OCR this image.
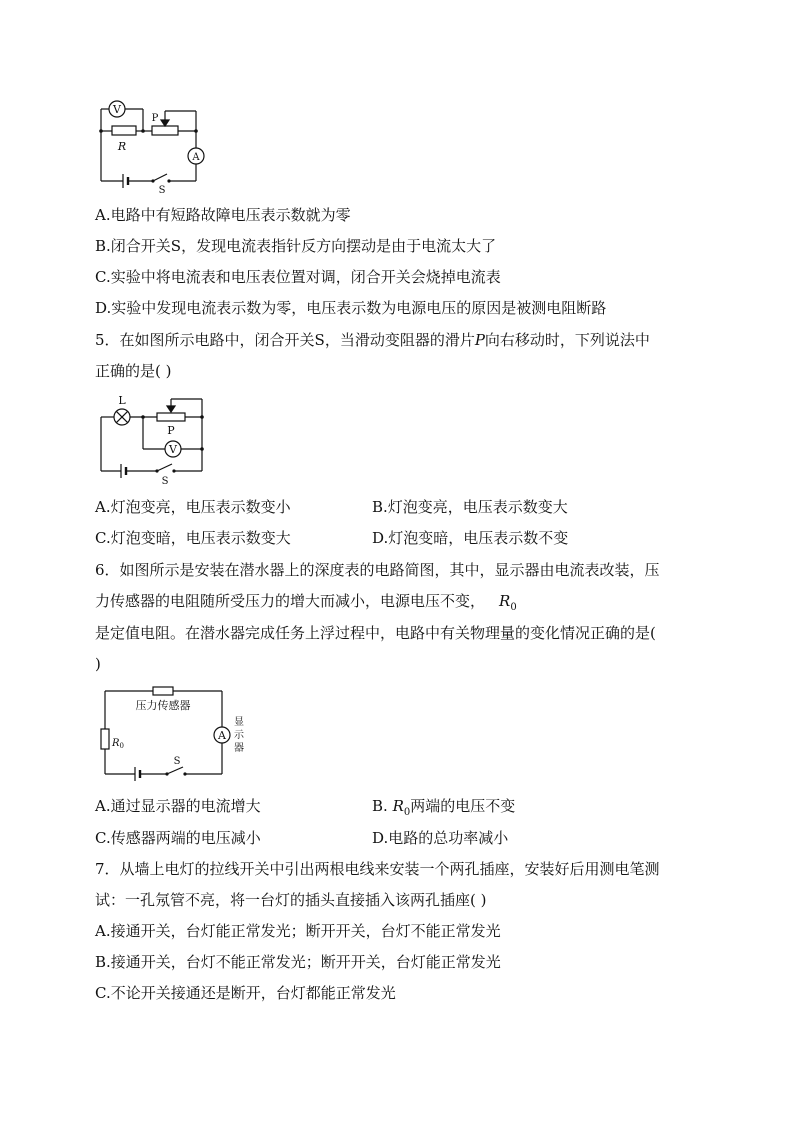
V
P
R
A
S
A.电路中有短路故障电压表示数就为零
B.闭合开关S，发现电流表指针反方向摆动是由于电流太大了
C.实验中将电流表和电压表位置对调，闭合开关会烧掉电流表
D.实验中发现电流表示数为零，电压表示数为电源电压的原因是被测电阻断路
5．在如图所示电路中，闭合开关S，当滑动变阻器的滑片P向右移动时，下列说法中
正确的是( )
L
P
V
S
A.灯泡变亮，电压表示数变小	B.灯泡变亮，电压表示数变大
C.灯泡变暗，电压表示数变大	D.灯泡变暗，电压表示数不变
6．如图所示是安装在潜水器上的深度表的电路简图，其中，显示器由电流表改装，压
力传感器的电阻随所受压力的增大而减小，电源电压不变， $R_0$
是定值电阻。在潜水器完成任务上浮过程中，电路中有关物理量的变化情况正确的是(
)
压力传感器
$R_0$
A
显
示
器
S
A.通过显示器的电流增大	B. $R_0$两端的电压不变
C.传感器两端的电压减小	D.电路的总功率减小
7．从墙上电灯的拉线开关中引出两根电线来安装一个两孔插座，安装好后用测电笔测
试：一孔氖管不亮，将一台灯的插头直接插入该两孔插座( )
A.接通开关，台灯能正常发光；断开开关，台灯不能正常发光
B.接通开关，台灯不能正常发光；断开开关，台灯能正常发光
C.不论开关接通还是断开，台灯都能正常发光
